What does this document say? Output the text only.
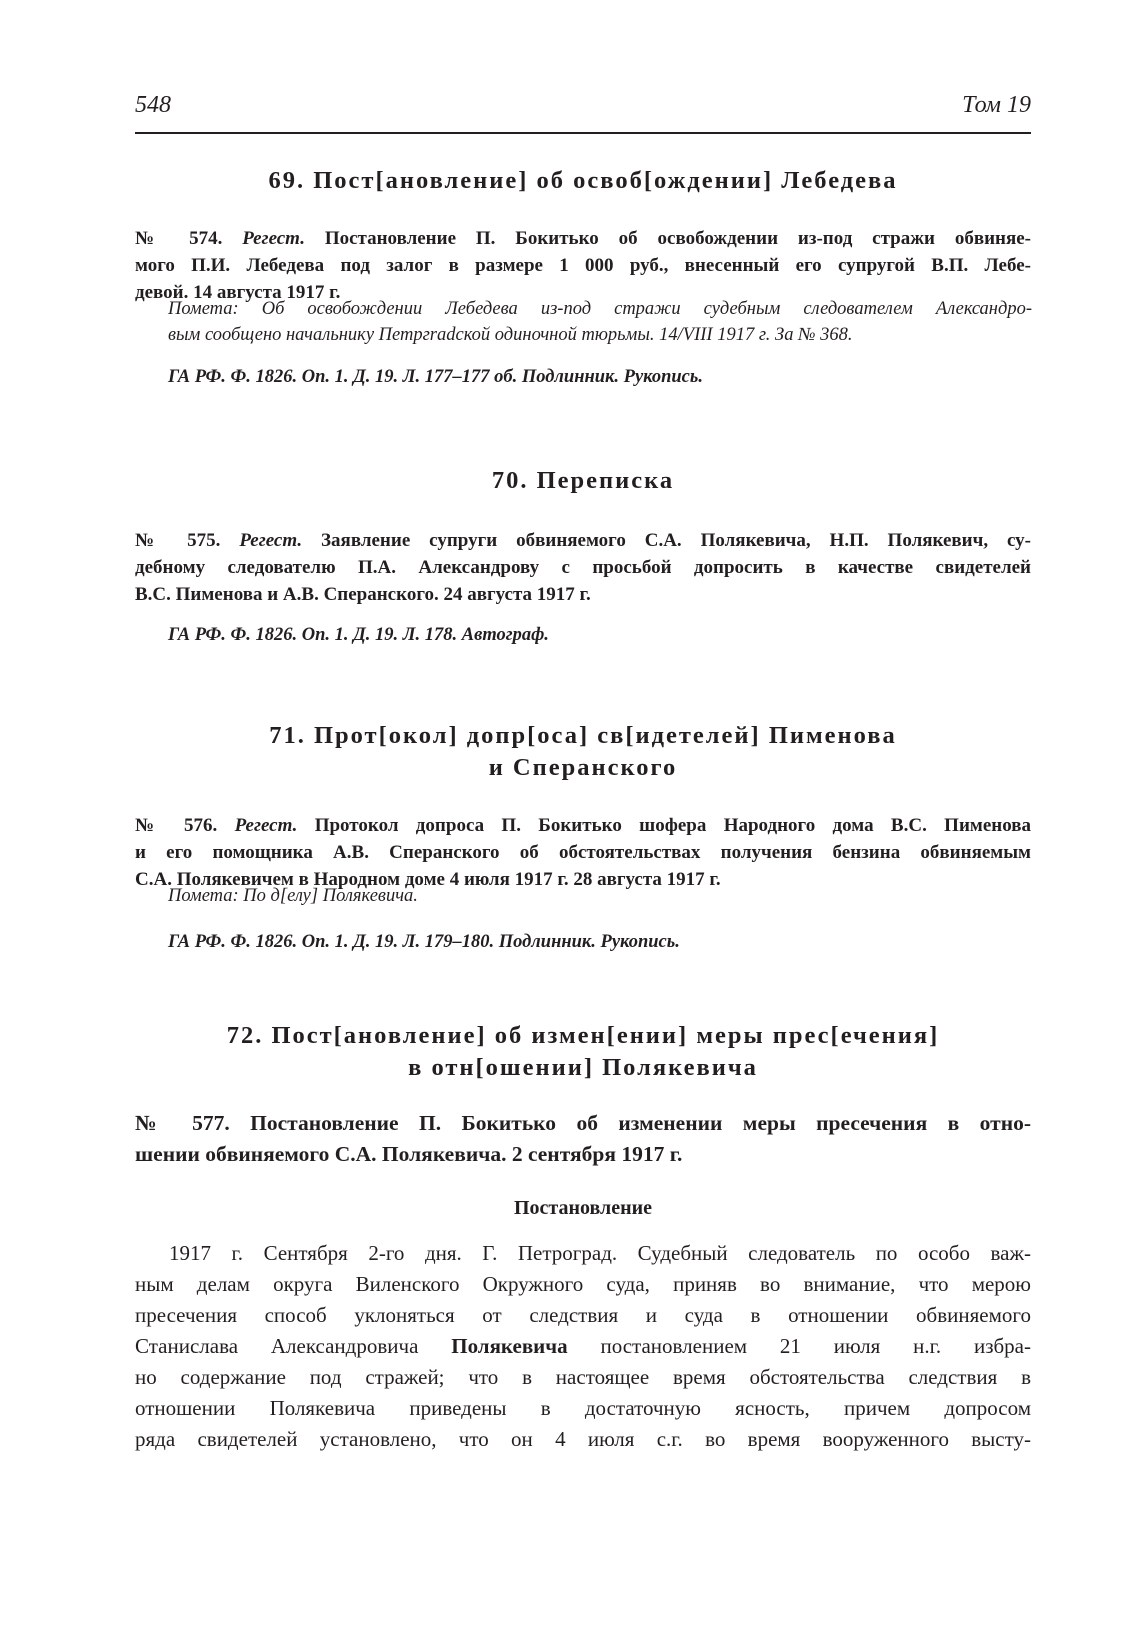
548	Том 19
69. Пост[ановление] об освоб[ождении] Лебедева
№ 574. Регест. Постановление П. Бокитько об освобождении из-под стражи обвиняе-
мого П.И. Лебедева под залог в размере 1 000 руб., внесенный его супругой В.П. Лебе-
девой. 14 августа 1917 г.
Помета: Об освобождении Лебедева из-под стражи судебным следователем Александро-
вым сообщено начальнику Петргradской одиночной тюрьмы. 14/VIII 1917 г. За № 368.
ГА РФ. Ф. 1826. Оп. 1. Д. 19. Л. 177–177 об. Подлинник. Рукопись.
70. Переписка
№ 575. Регест. Заявление супруги обвиняемого С.А. Полякевича, Н.П. Полякевич, су-
дебному следователю П.А. Александрову с просьбой допросить в качестве свидетелей
В.С. Пименова и А.В. Сперанского. 24 августа 1917 г.
ГА РФ. Ф. 1826. Оп. 1. Д. 19. Л. 178. Автограф.
71. Прот[окол] допр[оса] св[идетелей] Пименова
и Сперанского
№ 576. Регест. Протокол допроса П. Бокитько шофера Народного дома В.С. Пименова
и его помощника А.В. Сперанского об обстоятельствах получения бензина обвиняемым
С.А. Полякевичем в Народном доме 4 июля 1917 г. 28 августа 1917 г.
Помета: По д[елу] Полякевича.
ГА РФ. Ф. 1826. Оп. 1. Д. 19. Л. 179–180. Подлинник. Рукопись.
72. Пост[ановление] об измен[ении] меры прес[ечения]
в отн[ошении] Полякевича
№ 577. Постановление П. Бокитько об изменении меры пресечения в отно-
шении обвиняемого С.А. Полякевича. 2 сентября 1917 г.
Постановление
1917 г. Сентября 2-го дня. Г. Петроград. Судебный следователь по особо важ-
ным делам округа Виленского Окружного суда, приняв во внимание, что мерою
пресечения способ уклоняться от следствия и суда в отношении обвиняемого
Станислава Александровича Полякевича постановлением 21 июля н.г. избра-
но содержание под стражей; что в настоящее время обстоятельства следствия в
отношении Полякевича приведены в достаточную ясность, причем допросом
ряда свидетелей установлено, что он 4 июля с.г. во время вооруженного высту-
